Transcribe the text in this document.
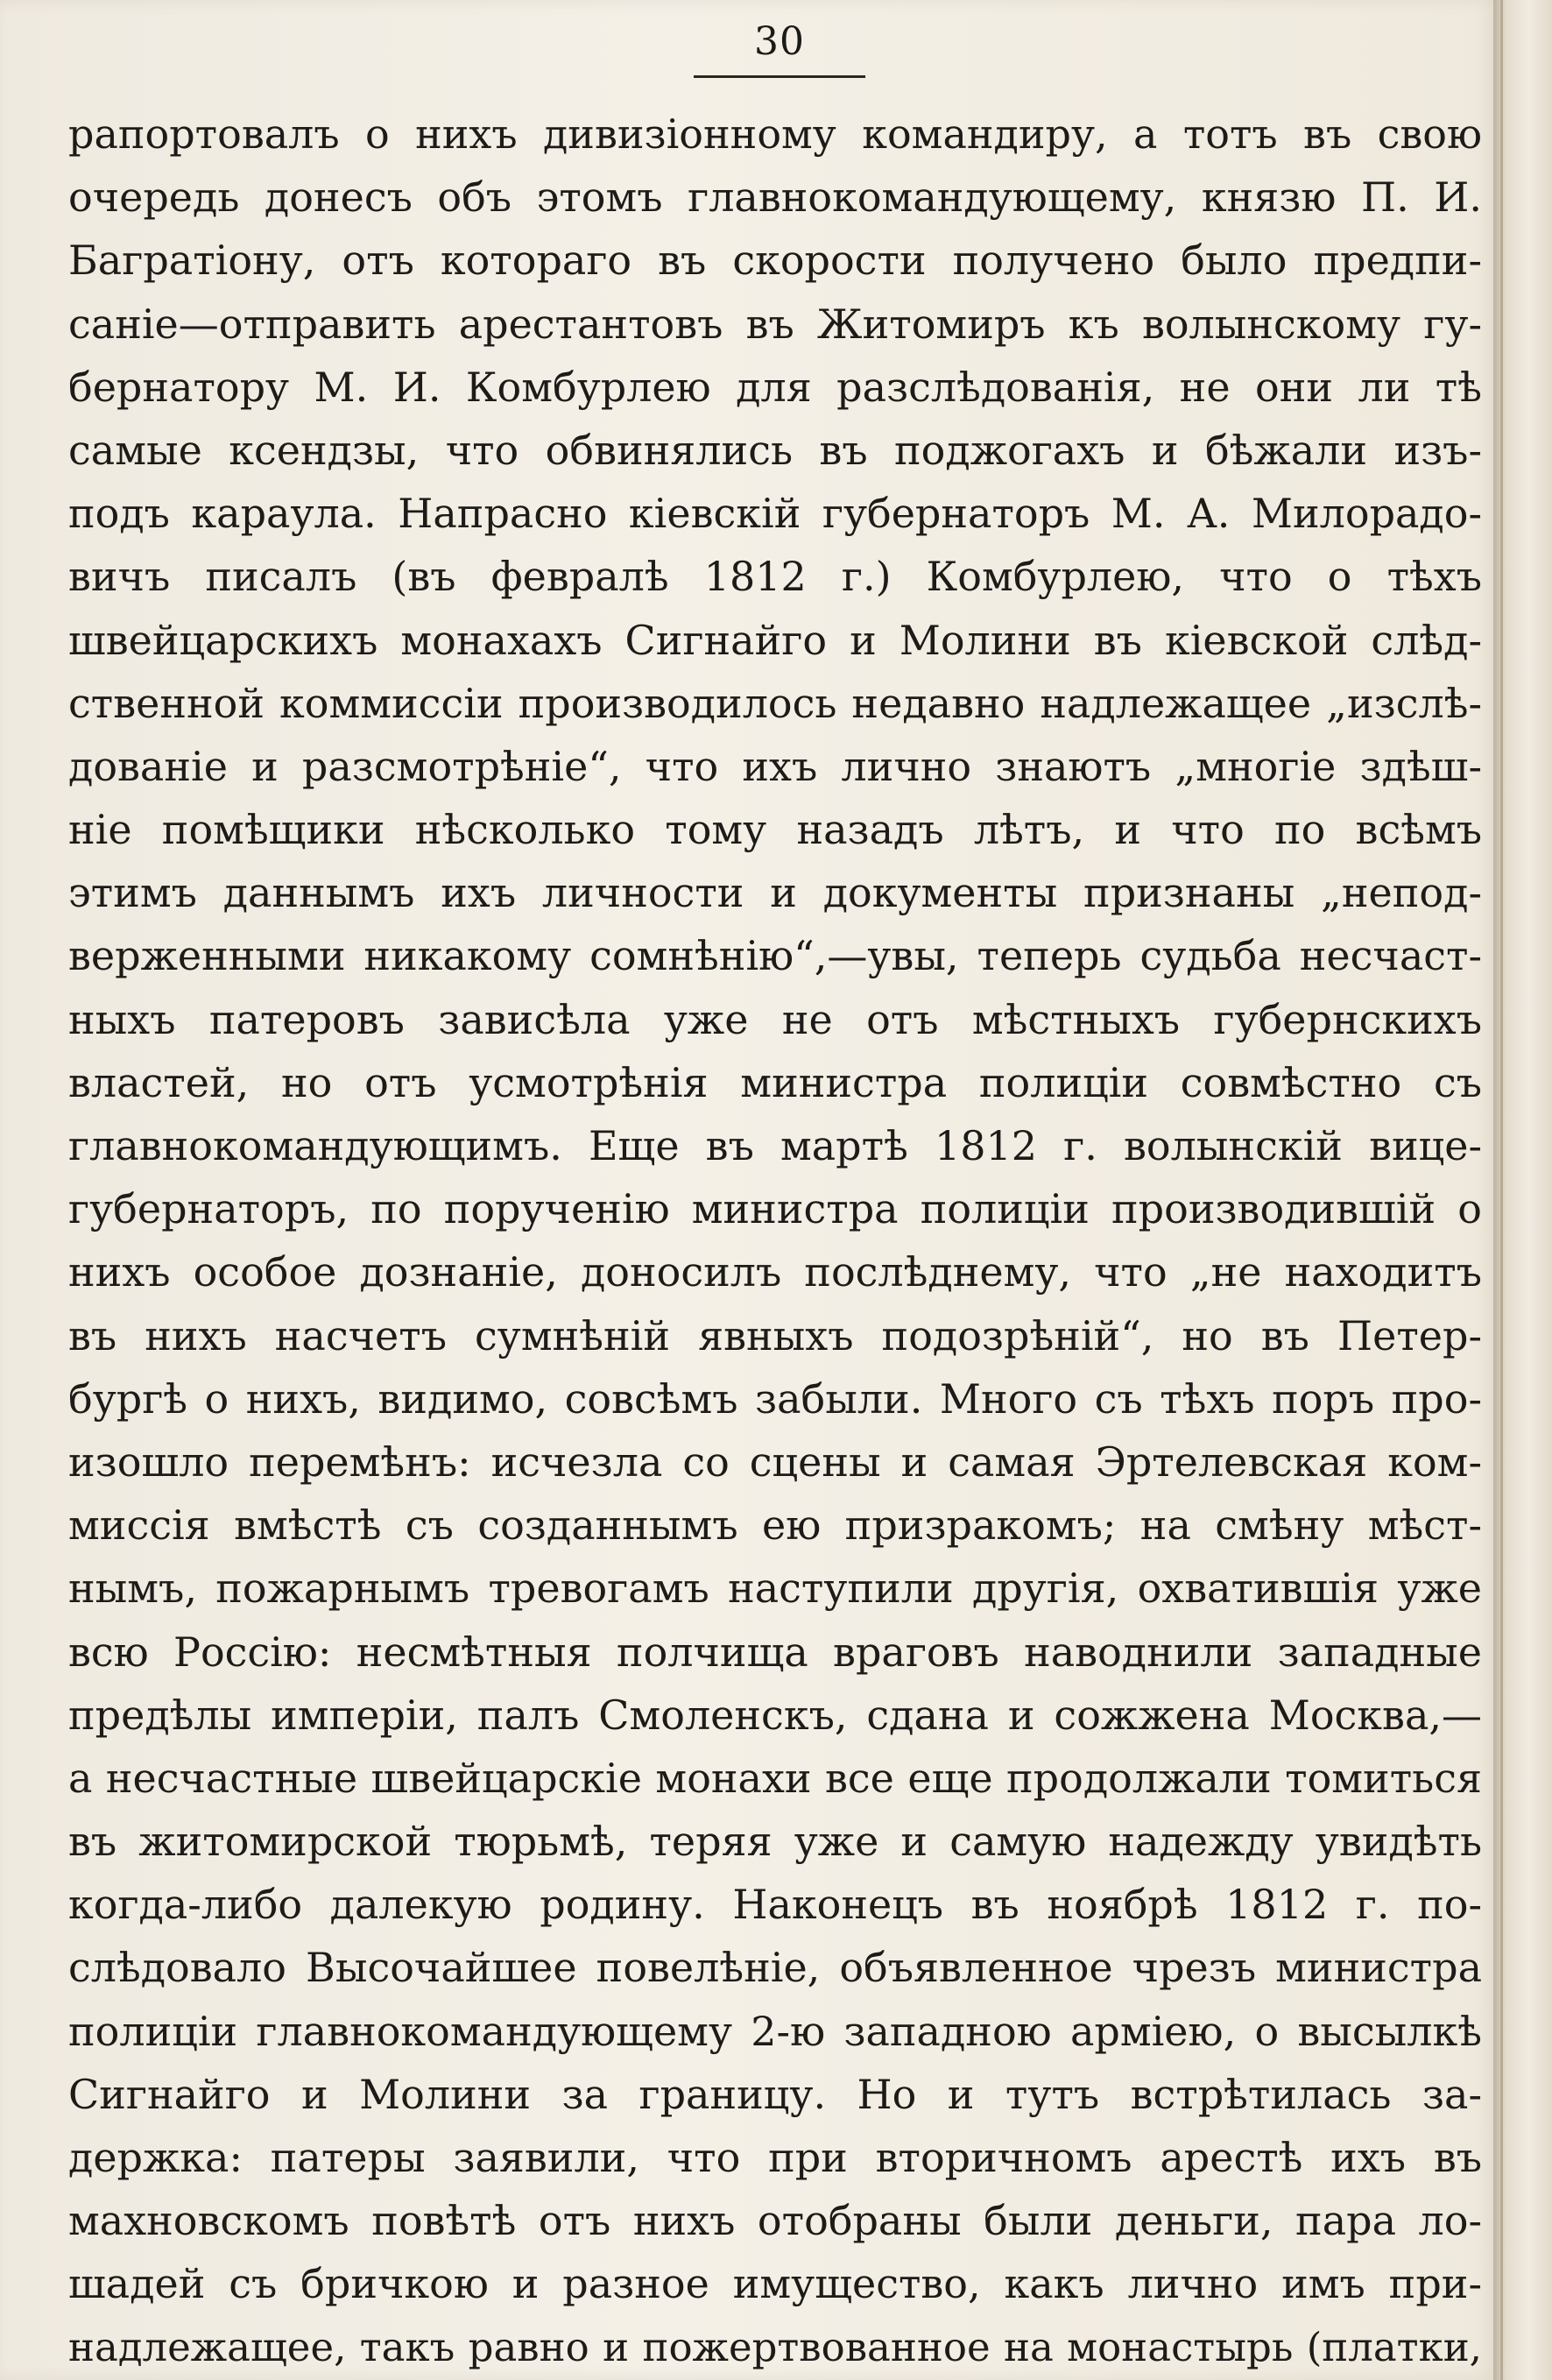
30
рапортовалъ о нихъ дивизіонному командиру, а тотъ въ свою
очередь донесъ объ этомъ главнокомандующему, князю П. И.
Багратіону, отъ котораго въ скорости получено было предпи-
саніе—отправить арестантовъ въ Житомиръ къ волынскому гу-
бернатору М. И. Комбурлею для разслѣдованія, не они ли тѣ
самые ксендзы, что обвинялись въ поджогахъ и бѣжали изъ-
подъ караула. Напрасно кіевскій губернаторъ М. А. Милорадо-
вичъ писалъ (въ февралѣ 1812 г.) Комбурлею, что о тѣхъ
швейцарскихъ монахахъ Сигнайго и Молини въ кіевской слѣд-
ственной коммиссіи производилось недавно надлежащее „изслѣ-
дованіе и разсмотрѣніе“, что ихъ лично знаютъ „многіе здѣш-
ніе помѣщики нѣсколько тому назадъ лѣтъ, и что по всѣмъ
этимъ даннымъ ихъ личности и документы признаны „непод-
верженными никакому сомнѣнію“,—увы, теперь судьба несчаст-
ныхъ патеровъ зависѣла уже не отъ мѣстныхъ губернскихъ
властей, но отъ усмотрѣнія министра полиціи совмѣстно съ
главнокомандующимъ. Еще въ мартѣ 1812 г. волынскій вице-
губернаторъ, по порученію министра полиціи производившій о
нихъ особое дознаніе, доносилъ послѣднему, что „не находитъ
въ нихъ насчетъ сумнѣній явныхъ подозрѣній“, но въ Петер-
бургѣ о нихъ, видимо, совсѣмъ забыли. Много съ тѣхъ поръ про-
изошло перемѣнъ: исчезла со сцены и самая Эртелевская ком-
миссія вмѣстѣ съ созданнымъ ею призракомъ; на смѣну мѣст-
нымъ, пожарнымъ тревогамъ наступили другія, охватившія уже
всю Россію: несмѣтныя полчища враговъ наводнили западные
предѣлы имперіи, палъ Смоленскъ, сдана и сожжена Москва,—
а несчастные швейцарскіе монахи все еще продолжали томиться
въ житомирской тюрьмѣ, теряя уже и самую надежду увидѣть
когда-либо далекую родину. Наконецъ въ ноябрѣ 1812 г. по-
слѣдовало Высочайшее повелѣніе, объявленное чрезъ министра
полиціи главнокомандующему 2-ю западною арміею, о высылкѣ
Сигнайго и Молини за границу. Но и тутъ встрѣтилась за-
держка: патеры заявили, что при вторичномъ арестѣ ихъ въ
махновскомъ повѣтѣ отъ нихъ отобраны были деньги, пара ло-
шадей съ бричкою и разное имущество, какъ лично имъ при-
надлежащее, такъ равно и пожертвованное на монастырь (платки,
